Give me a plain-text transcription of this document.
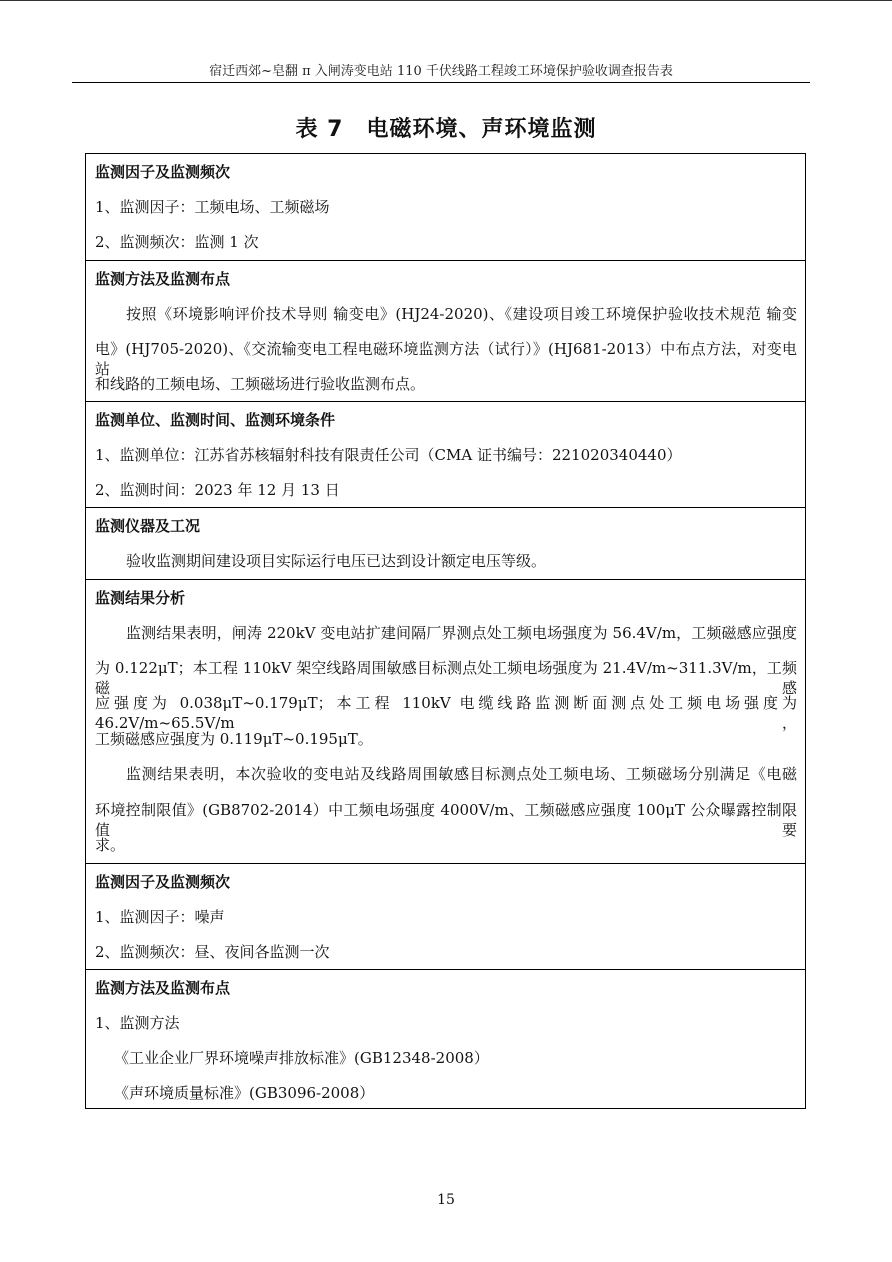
宿迁西郊~皂翻 π 入闸涛变电站 110 千伏线路工程竣工环境保护验收调查报告表
表 7　电磁环境、声环境监测
监测因子及监测频次
1、监测因子：工频电场、工频磁场
2、监测频次：监测 1 次
监测方法及监测布点
按照《环境影响评价技术导则 输变电》(HJ24-2020)、《建设项目竣工环境保护验收技术规范 输变
电》(HJ705-2020)、《交流输变电工程电磁环境监测方法（试行）》(HJ681-2013）中布点方法，对变电站
和线路的工频电场、工频磁场进行验收监测布点。
监测单位、监测时间、监测环境条件
1、监测单位：江苏省苏核辐射科技有限责任公司（CMA 证书编号：221020340440）
2、监测时间：2023 年 12 月 13 日
监测仪器及工况
验收监测期间建设项目实际运行电压已达到设计额定电压等级。
监测结果分析
监测结果表明，闸涛 220kV 变电站扩建间隔厂界测点处工频电场强度为 56.4V/m，工频磁感应强度
为 0.122μT；本工程 110kV 架空线路周围敏感目标测点处工频电场强度为 21.4V/m~311.3V/m，工频磁感
应强度为 0.038μT~0.179μT；本工程 110kV 电缆线路监测断面测点处工频电场强度为 46.2V/m~65.5V/m，
工频磁感应强度为 0.119μT~0.195μT。
监测结果表明，本次验收的变电站及线路周围敏感目标测点处工频电场、工频磁场分别满足《电磁
环境控制限值》(GB8702-2014）中工频电场强度 4000V/m、工频磁感应强度 100μT 公众曝露控制限值要
求。
监测因子及监测频次
1、监测因子：噪声
2、监测频次：昼、夜间各监测一次
监测方法及监测布点
1、监测方法
《工业企业厂界环境噪声排放标准》(GB12348-2008）
《声环境质量标准》(GB3096-2008）
15
